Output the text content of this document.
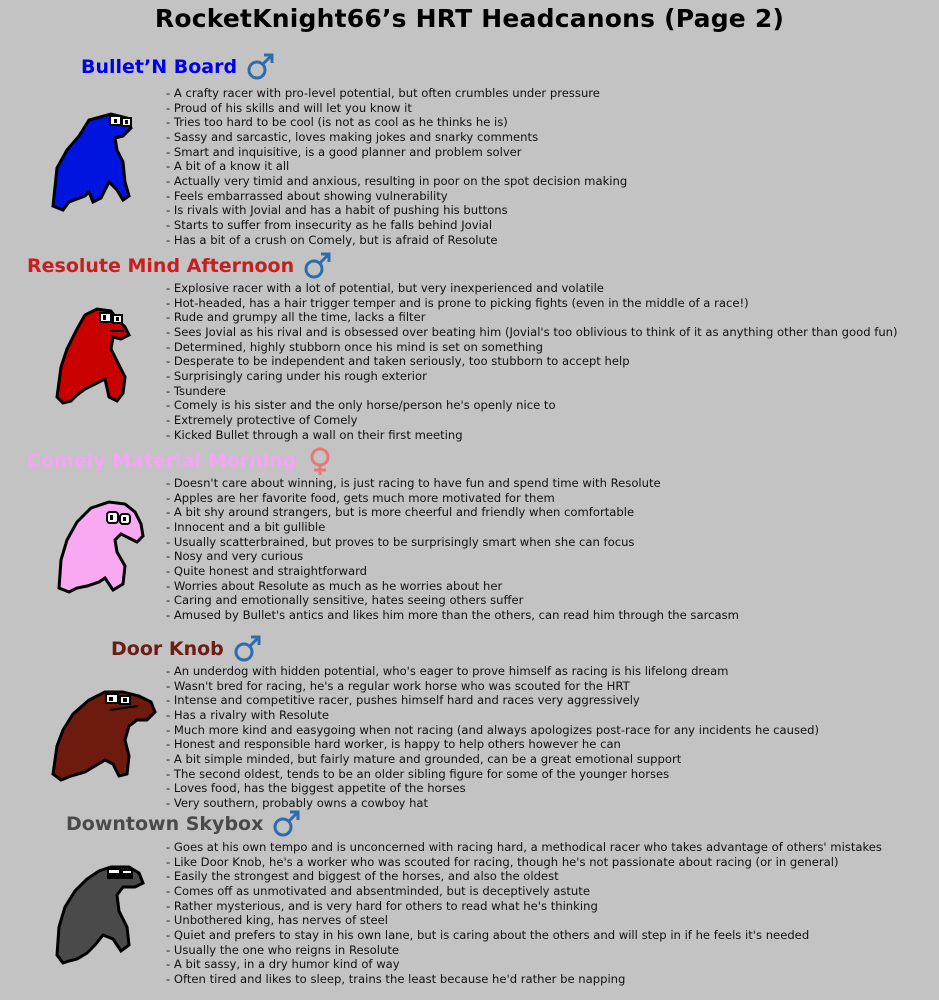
RocketKnight66’s HRT Headcanons (Page 2)
Bullet’N Board
- A crafty racer with pro-level potential, but often crumbles under pressure
- Proud of his skills and will let you know it
- Tries too hard to be cool (is not as cool as he thinks he is)
- Sassy and sarcastic, loves making jokes and snarky comments
- Smart and inquisitive, is a good planner and problem solver
- A bit of a know it all
- Actually very timid and anxious, resulting in poor on the spot decision making
- Feels embarrassed about showing vulnerability
- Is rivals with Jovial and has a habit of pushing his buttons
- Starts to suffer from insecurity as he falls behind Jovial
- Has a bit of a crush on Comely, but is afraid of Resolute
Resolute Mind Afternoon
- Explosive racer with a lot of potential, but very inexperienced and volatile
- Hot-headed, has a hair trigger temper and is prone to picking fights (even in the middle of a race!)
- Rude and grumpy all the time, lacks a filter
- Sees Jovial as his rival and is obsessed over beating him (Jovial's too oblivious to think of it as anything other than good fun)
- Determined, highly stubborn once his mind is set on something
- Desperate to be independent and taken seriously, too stubborn to accept help
- Surprisingly caring under his rough exterior
- Tsundere
- Comely is his sister and the only horse/person he's openly nice to
- Extremely protective of Comely
- Kicked Bullet through a wall on their first meeting
Comely Material Morning
- Doesn't care about winning, is just racing to have fun and spend time with Resolute
- Apples are her favorite food, gets much more motivated for them
- A bit shy around strangers, but is more cheerful and friendly when comfortable
- Innocent and a bit gullible
- Usually scatterbrained, but proves to be surprisingly smart when she can focus
- Nosy and very curious
- Quite honest and straightforward
- Worries about Resolute as much as he worries about her
- Caring and emotionally sensitive, hates seeing others suffer
- Amused by Bullet's antics and likes him more than the others, can read him through the sarcasm
Door Knob
- An underdog with hidden potential, who's eager to prove himself as racing is his lifelong dream
- Wasn't bred for racing, he's a regular work horse who was scouted for the HRT
- Intense and competitive racer, pushes himself hard and races very aggressively
- Has a rivalry with Resolute
- Much more kind and easygoing when not racing (and always apologizes post-race for any incidents he caused)
- Honest and responsible hard worker, is happy to help others however he can
- A bit simple minded, but fairly mature and grounded, can be a great emotional support
- The second oldest, tends to be an older sibling figure for some of the younger horses
- Loves food, has the biggest appetite of the horses
- Very southern, probably owns a cowboy hat
Downtown Skybox
- Goes at his own tempo and is unconcerned with racing hard, a methodical racer who takes advantage of others' mistakes
- Like Door Knob, he's a worker who was scouted for racing, though he's not passionate about racing (or in general)
- Easily the strongest and biggest of the horses, and also the oldest
- Comes off as unmotivated and absentminded, but is deceptively astute
- Rather mysterious, and is very hard for others to read what he's thinking
- Unbothered king, has nerves of steel
- Quiet and prefers to stay in his own lane, but is caring about the others and will step in if he feels it's needed
- Usually the one who reigns in Resolute
- A bit sassy, in a dry humor kind of way
- Often tired and likes to sleep, trains the least because he'd rather be napping
